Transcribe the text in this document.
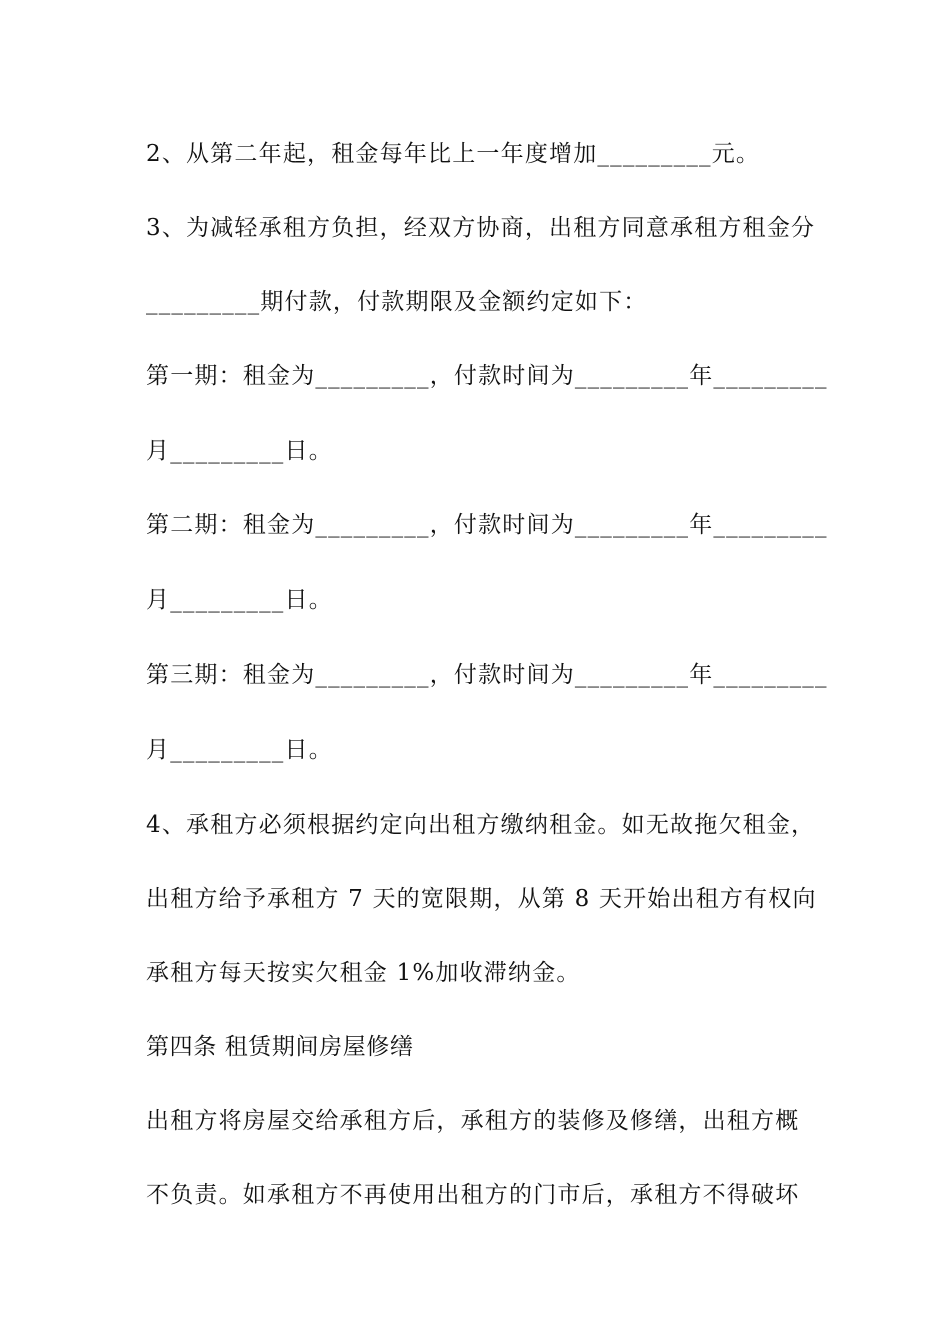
2、从第二年起，租金每年比上一年度增加_________元。
3、为减轻承租方负担，经双方协商，出租方同意承租方租金分
_________期付款，付款期限及金额约定如下：
第一期：租金为_________，付款时间为_________年_________
月_________日。
第二期：租金为_________，付款时间为_________年_________
月_________日。
第三期：租金为_________，付款时间为_________年_________
月_________日。
4、承租方必须根据约定向出租方缴纳租金。如无故拖欠租金，
出租方给予承租方 7 天的宽限期，从第 8 天开始出租方有权向
承租方每天按实欠租金 1%加收滞纳金。
第四条 租赁期间房屋修缮
出租方将房屋交给承租方后，承租方的装修及修缮，出租方概
不负责。如承租方不再使用出租方的门市后，承租方不得破坏
